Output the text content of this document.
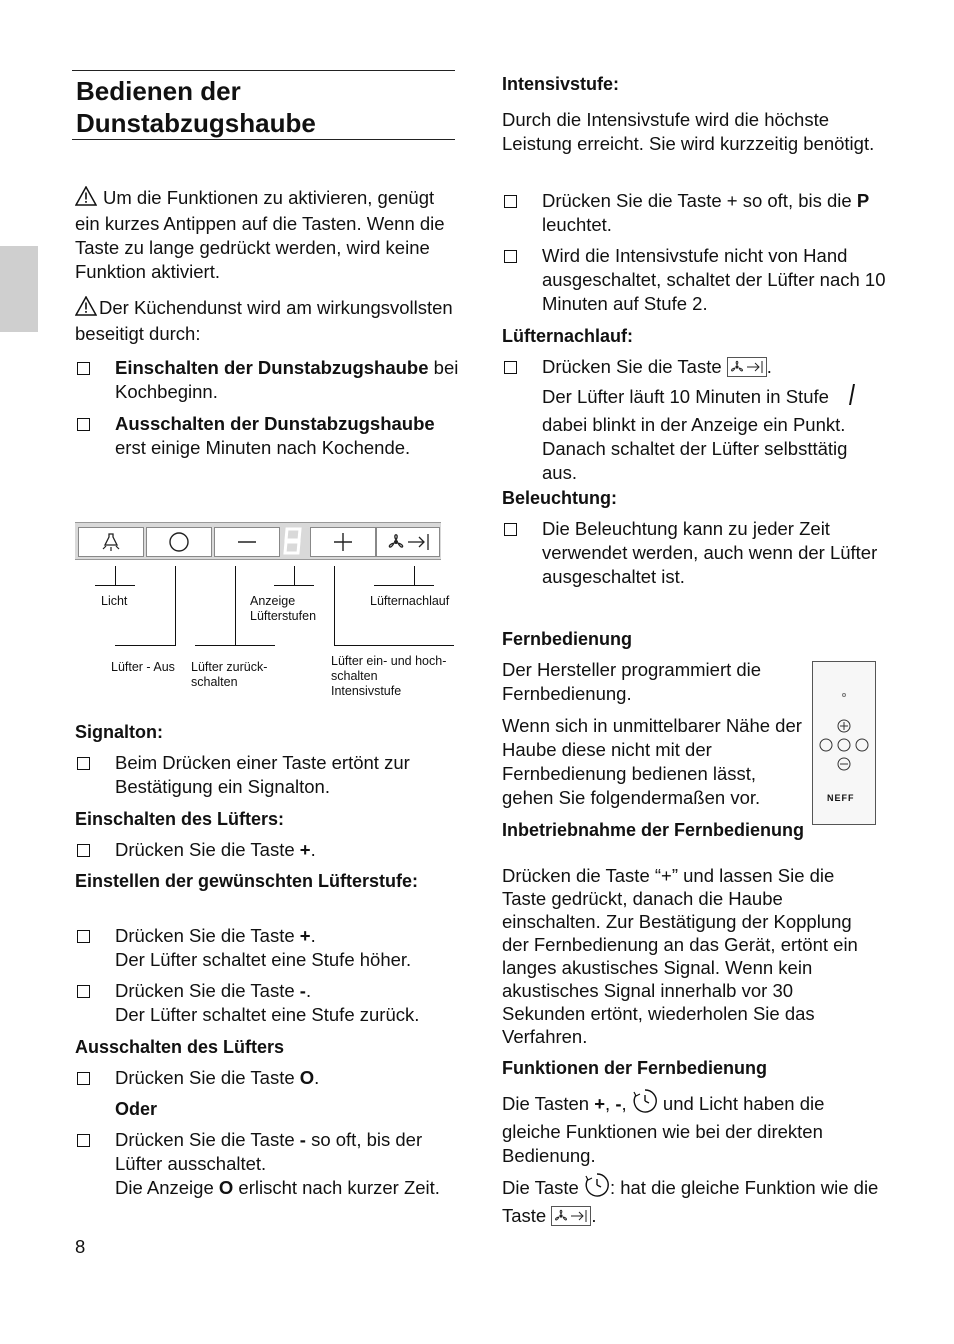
Bedienen der Dunstabzugshaube

Um die Funktionen zu aktivieren, genügt ein kurzes Antippen auf die Tasten. Wenn die Taste zu lange gedrückt werden, wird keine Funktion aktiviert.

Der Küchendunst wird am wirkungsvollsten beseitigt durch:

Einschalten der Dunstabzugshaube bei Kochbeginn.
Ausschalten der Dunstabzugshaube erst einige Minuten nach Kochende.
Licht	Anzeige
Lüfterstufen
Lüfternachlauf
Lüfter - Aus Lüfter zurück-
schalten
Lüfter ein- und hoch-
schalten
Intensivstufe

Signalton:

Beim Drücken einer Taste ertönt zur Bestätigung ein Signalton.

Einschalten des Lüfters:

Drücken Sie die Taste +.

Einstellen der gewünschten Lüfterstufe:

Drücken Sie die Taste +.
Der Lüfter schaltet eine Stufe höher.
Drücken Sie die Taste -.
Der Lüfter schaltet eine Stufe zurück.

Ausschalten des Lüfters

Drücken Sie die Taste O.

Oder

Drücken Sie die Taste - so oft, bis der Lüfter ausschaltet.
Die Anzeige O erlischt nach kurzer Zeit.
8

Intensivstufe:

Durch die Intensivstufe wird die höchste Leistung erreicht. Sie wird kurzzeitig benötigt.

Drücken Sie die Taste + so oft, bis die P leuchtet.
Wird die Intensivstufe nicht von Hand ausgeschaltet, schaltet der Lüfter nach 10 Minuten auf Stufe 2.

Lüfternachlauf:

Drücken Sie die Taste .
Der Lüfter läuft 10 Minuten in Stufe
dabei blinkt in der Anzeige ein Punkt. Danach schaltet der Lüfter selbsttätig aus.

Beleuchtung:

Die Beleuchtung kann zu jeder Zeit verwendet werden, auch wenn der Lüfter ausgeschaltet ist.

Fernbedienung

Der Hersteller programmiert die Fernbedienung.

Wenn sich in unmittelbarer Nähe der Haube diese nicht mit der Fernbedienung bedienen lässt, gehen Sie folgendermaßen vor.	NEFF

Inbetriebnahme der Fernbedienung

Drücken die Taste “+” und lassen Sie die Taste gedrückt, danach die Haube einschalten. Zur Bestätigung der Kopplung der Fernbedienung an das Gerät, ertönt ein langes akustisches Signal. Wenn kein akustisches Signal innerhalb vor 30 Sekunden ertönt, wiederholen Sie das Verfahren.

Funktionen der Fernbedienung

Die Tasten +, -,  und Licht haben die gleiche Funktionen wie bei der direkten Bedienung.

Die Taste : hat die gleiche Funktion wie die Taste .
